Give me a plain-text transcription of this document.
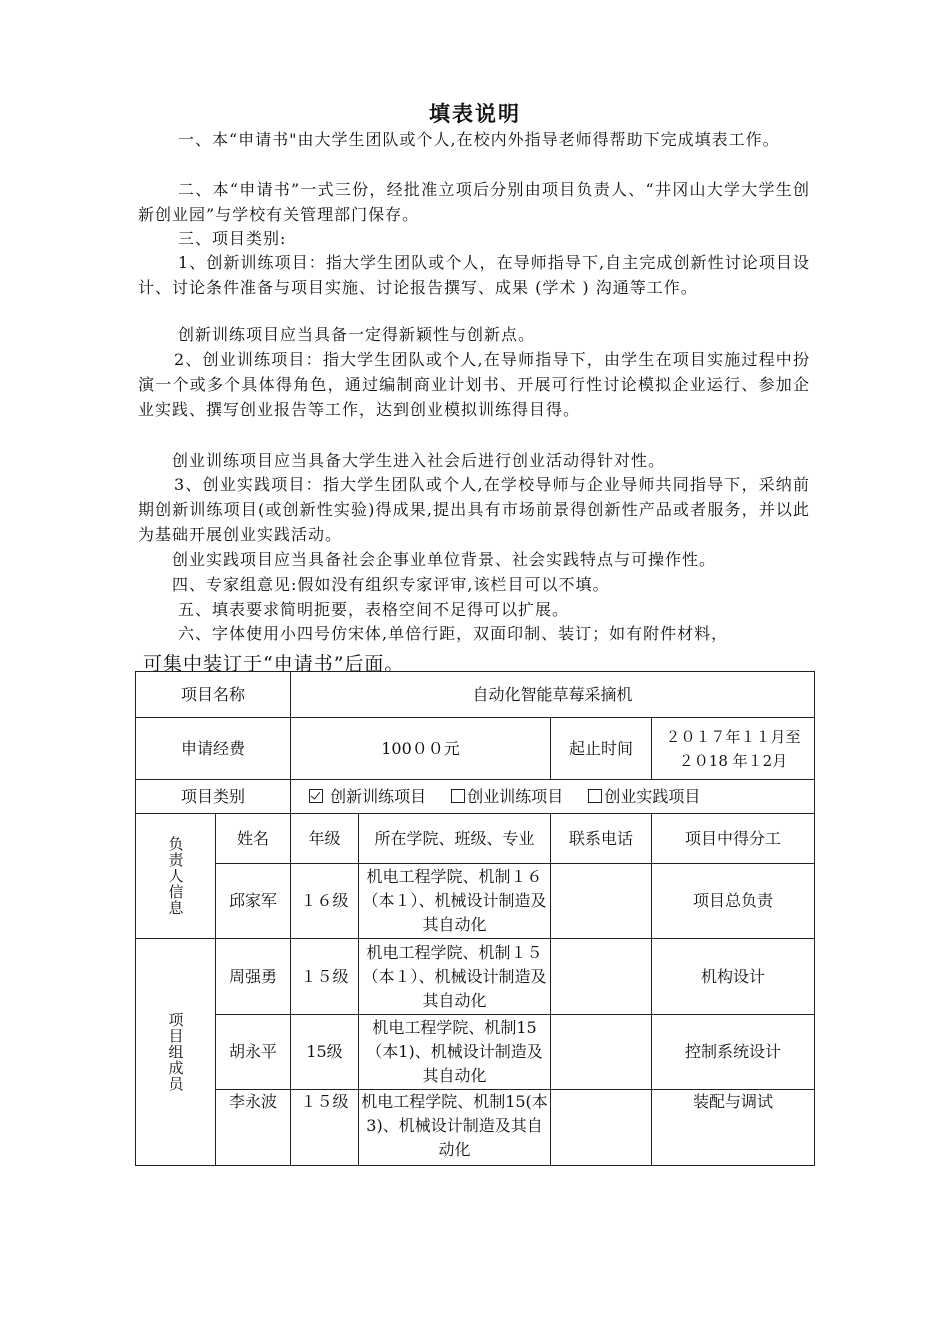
填表说明
一、本“申请书"由大学生团队或个人,在校内外指导老师得帮助下完成填表工作。
二、本“申请书”一式三份，经批准立项后分别由项目负责人、“井冈山大学大学生创新创业园”与学校有关管理部门保存。
三、项目类别:
1、创新训练项目：指大学生团队或个人，在导师指导下,自主完成创新性讨论项目设计、讨论条件准备与项目实施、讨论报告撰写、成果 (学术 ) 沟通等工作。
创新训练项目应当具备一定得新颖性与创新点。
2、创业训练项目：指大学生团队或个人,在导师指导下，由学生在项目实施过程中扮演一个或多个具体得角色，通过编制商业计划书、开展可行性讨论模拟企业运行、参加企业实践、撰写创业报告等工作，达到创业模拟训练得目得。
创业训练项目应当具备大学生进入社会后进行创业活动得针对性。
3、创业实践项目：指大学生团队或个人,在学校导师与企业导师共同指导下，采纳前期创新训练项目(或创新性实验)得成果,提出具有市场前景得创新性产品或者服务，并以此为基础开展创业实践活动。
创业实践项目应当具备社会企事业单位背景、社会实践特点与可操作性。
四、专家组意见:假如没有组织专家评审,该栏目可以不填。
五、填表要求简明扼要，表格空间不足得可以扩展。
六、字体使用小四号仿宋体,单倍行距，双面印制、装订；如有附件材料，
可集中装订于“申请书”后面。
项目名称		自动化智能草莓采摘机			
申请经费		100００元		起止时间	２０１７年１１月至
２０18 年１2月

项目类别		创新训练项目 创业训练项目 创业实践项目			

负责人信息	姓名	年级	所在学院、班级、专业	联系电话	项目中得分工
	邱家军	１６级	机电工程学院、机制１６（本１）、机械设计制造及其自动化		项目总负责

项目组成员	周强勇	１５级	机电工程学院、机制１５（本１）、机械设计制造及其自动化		机构设计
	胡永平	15级	机电工程学院、机制15（本1)、机械设计制造及其自动化		控制系统设计
	李永波	１５级	机电工程学院、机制15(本3)、机械设计制造及其自动化		装配与调试
